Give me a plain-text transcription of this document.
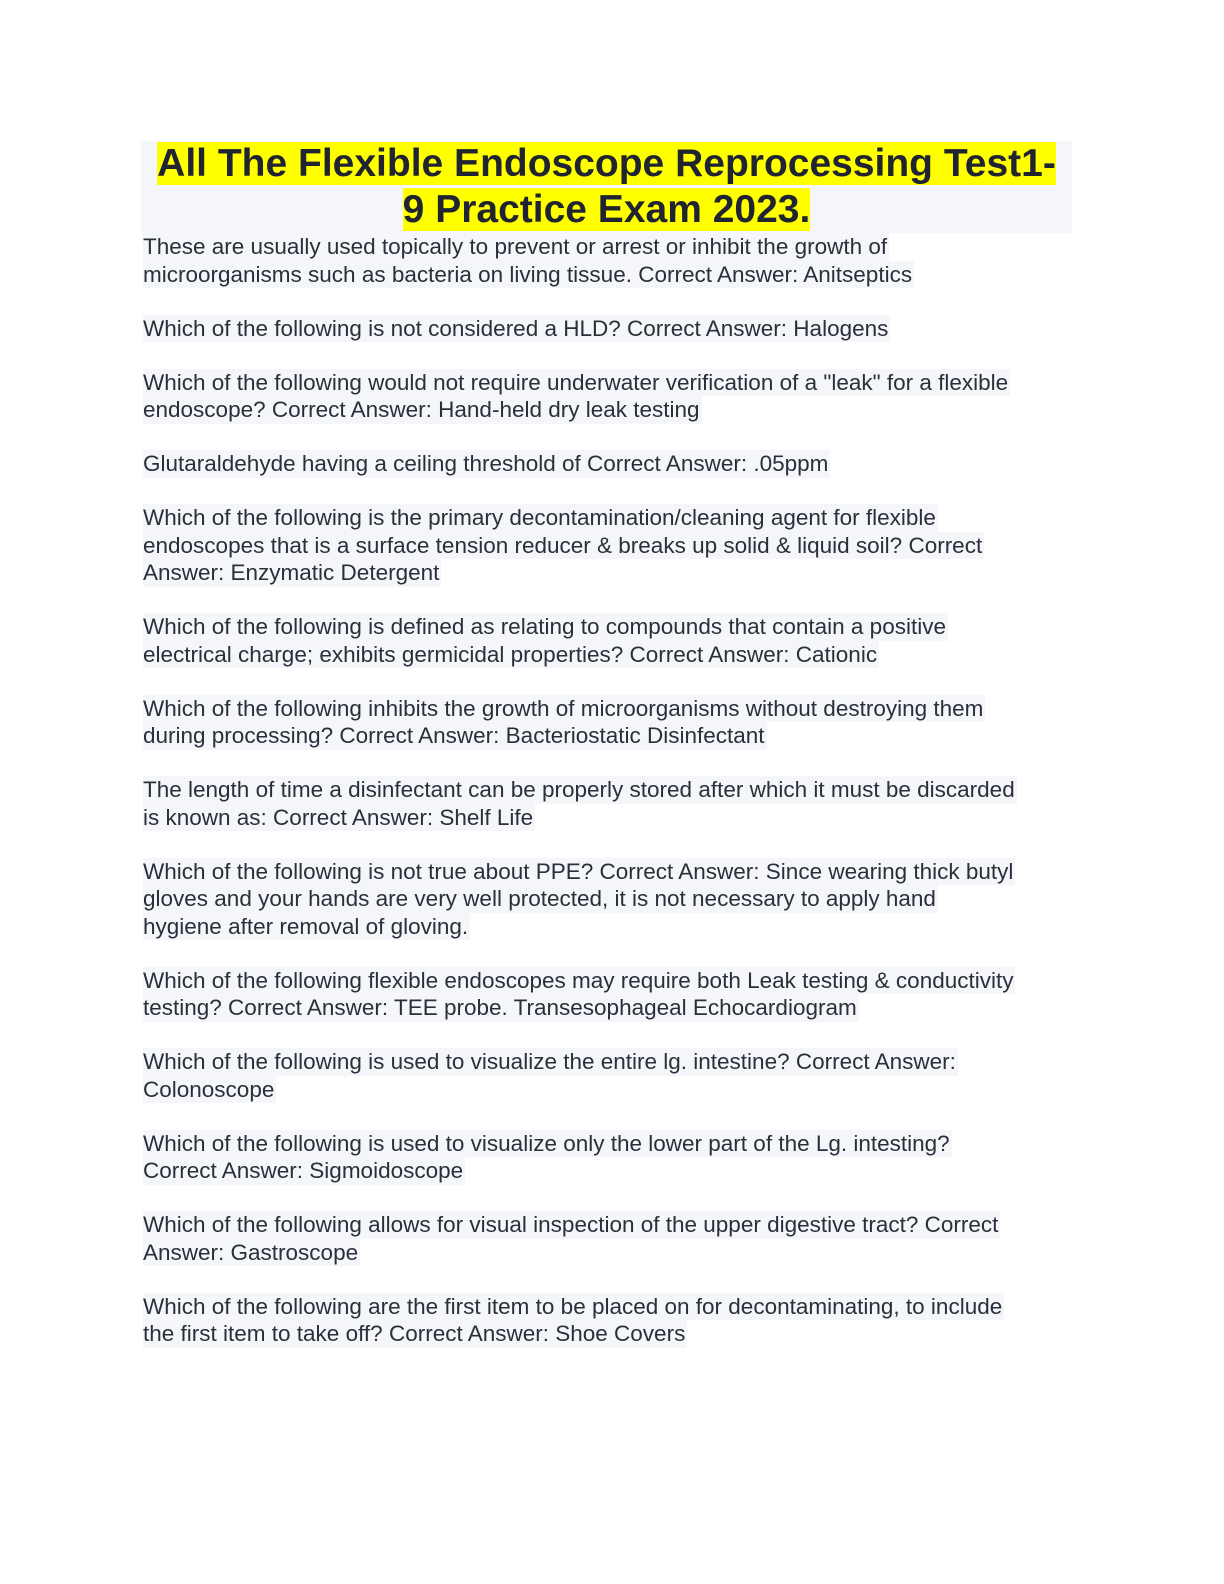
All The Flexible Endoscope Reprocessing Test1-
9 Practice Exam 2023.
These are usually used topically to prevent or arrest or inhibit the growth of
microorganisms such as bacteria on living tissue. Correct Answer: Anitseptics
Which of the following is not considered a HLD? Correct Answer: Halogens
Which of the following would not require underwater verification of a "leak" for a flexible
endoscope? Correct Answer: Hand-held dry leak testing
Glutaraldehyde having a ceiling threshold of Correct Answer: .05ppm
Which of the following is the primary decontamination/cleaning agent for flexible
endoscopes that is a surface tension reducer & breaks up solid & liquid soil? Correct
Answer: Enzymatic Detergent
Which of the following is defined as relating to compounds that contain a positive
electrical charge; exhibits germicidal properties? Correct Answer: Cationic
Which of the following inhibits the growth of microorganisms without destroying them
during processing? Correct Answer: Bacteriostatic Disinfectant
The length of time a disinfectant can be properly stored after which it must be discarded
is known as: Correct Answer: Shelf Life
Which of the following is not true about PPE? Correct Answer: Since wearing thick butyl
gloves and your hands are very well protected, it is not necessary to apply hand
hygiene after removal of gloving.
Which of the following flexible endoscopes may require both Leak testing & conductivity
testing? Correct Answer: TEE probe. Transesophageal Echocardiogram
Which of the following is used to visualize the entire lg. intestine? Correct Answer:
Colonoscope
Which of the following is used to visualize only the lower part of the Lg. intesting?
Correct Answer: Sigmoidoscope
Which of the following allows for visual inspection of the upper digestive tract? Correct
Answer: Gastroscope
Which of the following are the first item to be placed on for decontaminating, to include
the first item to take off? Correct Answer: Shoe Covers
